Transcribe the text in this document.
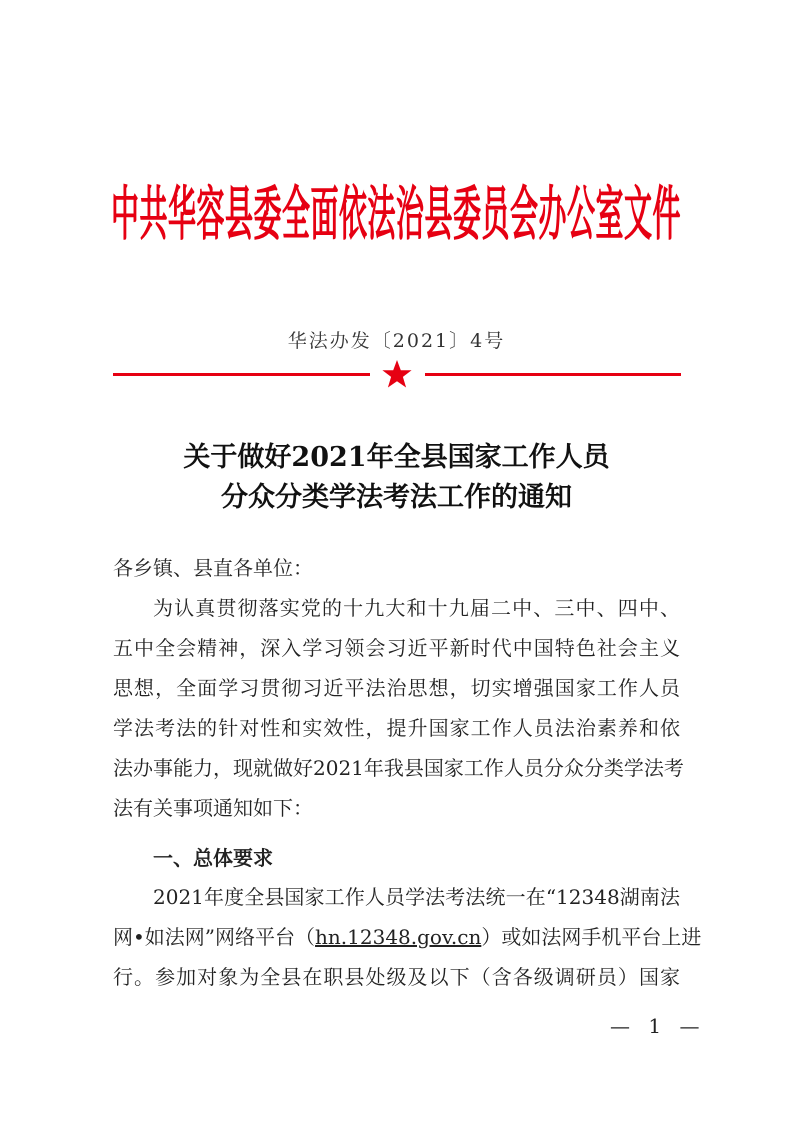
中共华容县委全面依法治县委员会办公室文件
华法办发〔2021〕4号
关于做好2021年全县国家工作人员
分众分类学法考法工作的通知
各乡镇、县直各单位：
为认真贯彻落实党的十九大和十九届二中、三中、四中、
五中全会精神，深入学习领会习近平新时代中国特色社会主义
思想，全面学习贯彻习近平法治思想，切实增强国家工作人员
学法考法的针对性和实效性，提升国家工作人员法治素养和依
法办事能力，现就做好2021年我县国家工作人员分众分类学法考
法有关事项通知如下：
一、总体要求
2021年度全县国家工作人员学法考法统一在“12348湖南法
网•如法网”网络平台（hn.12348.gov.cn）或如法网手机平台上进
行。参加对象为全县在职县处级及以下（含各级调研员）国家
— 1 —
